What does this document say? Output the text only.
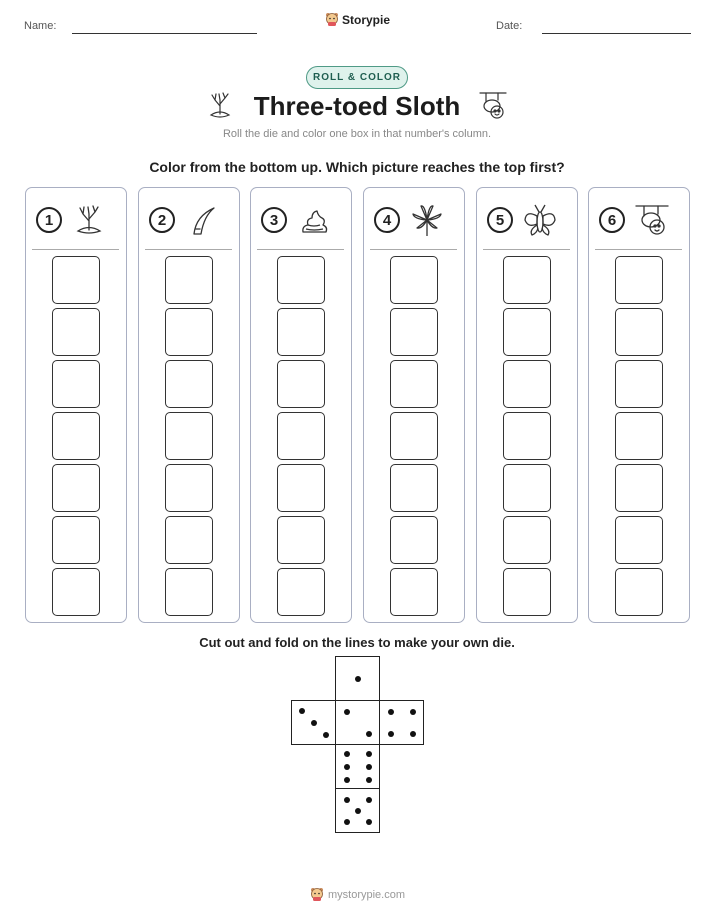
Name:	Storypie	Date:
ROLL & COLOR
Three-toed Sloth
Roll the die and color one box in that number's column.
Color from the bottom up. Which picture reaches the top first?
1	2	3	4	5	6
Cut out and fold on the lines to make your own die.
mystorypie.com
